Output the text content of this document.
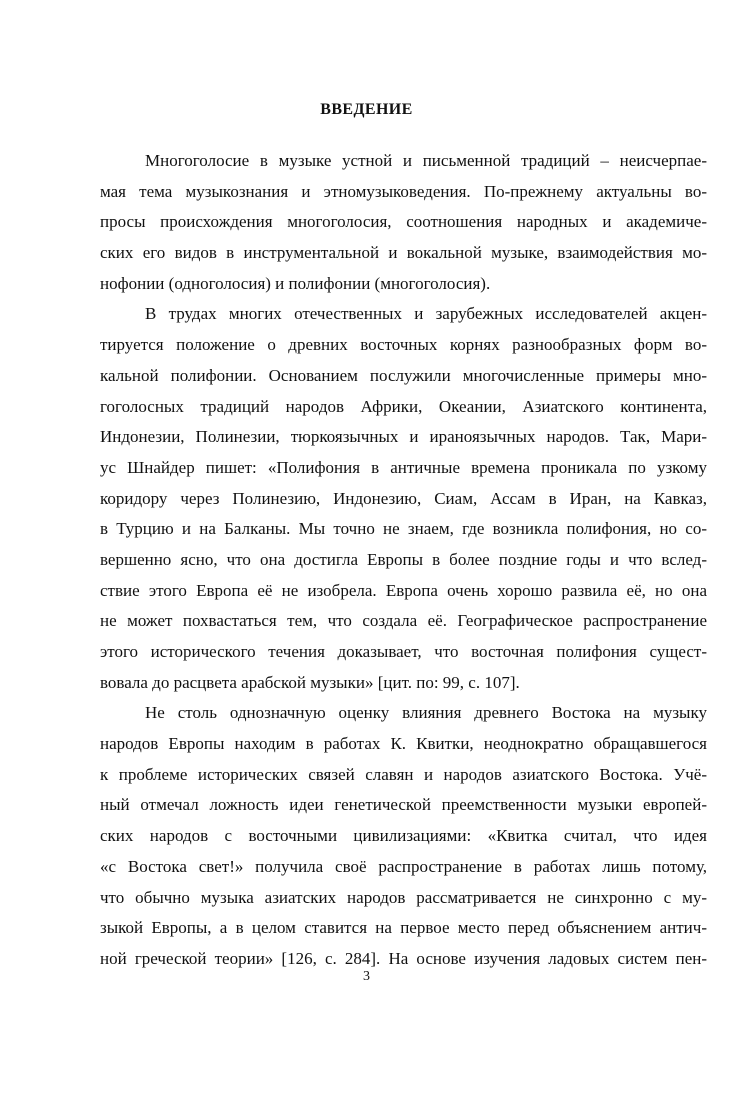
ВВЕДЕНИЕ
Многоголосие в музыке устной и письменной традиций – неисчерпае-
мая тема музыкознания и этномузыковедения. По-прежнему актуальны во-
просы происхождения многоголосия, соотношения народных и академиче-
ских его видов в инструментальной и вокальной музыке, взаимодействия мо-
нофонии (одноголосия) и полифонии (многоголосия).
В трудах многих отечественных и зарубежных исследователей акцен-
тируется положение о древних восточных корнях разнообразных форм во-
кальной полифонии. Основанием послужили многочисленные примеры мно-
гоголосных традиций народов Африки, Океании, Азиатского континента,
Индонезии, Полинезии, тюркоязычных и ираноязычных народов. Так, Мари-
ус Шнайдер пишет: «Полифония в античные времена проникала по узкому
коридору через Полинезию, Индонезию, Сиам, Ассам в Иран, на Кавказ,
в Турцию и на Балканы. Мы точно не знаем, где возникла полифония, но со-
вершенно ясно, что она достигла Европы в более поздние годы и что вслед-
ствие этого Европа её не изобрела. Европа очень хорошо развила её, но она
не может похвастаться тем, что создала её. Географическое распространение
этого исторического течения доказывает, что восточная полифония сущест-
вовала до расцвета арабской музыки» [цит. по: 99, с. 107].
Не столь однозначную оценку влияния древнего Востока на музыку
народов Европы находим в работах К. Квитки, неоднократно обращавшегося
к проблеме исторических связей славян и народов азиатского Востока. Учё-
ный отмечал ложность идеи генетической преемственности музыки европей-
ских народов с восточными цивилизациями: «Квитка считал, что идея
«с Востока свет!» получила своё распространение в работах лишь потому,
что обычно музыка азиатских народов рассматривается не синхронно с му-
зыкой Европы, а в целом ставится на первое место перед объяснением антич-
ной греческой теории» [126, с. 284]. На основе изучения ладовых систем пен-
3
